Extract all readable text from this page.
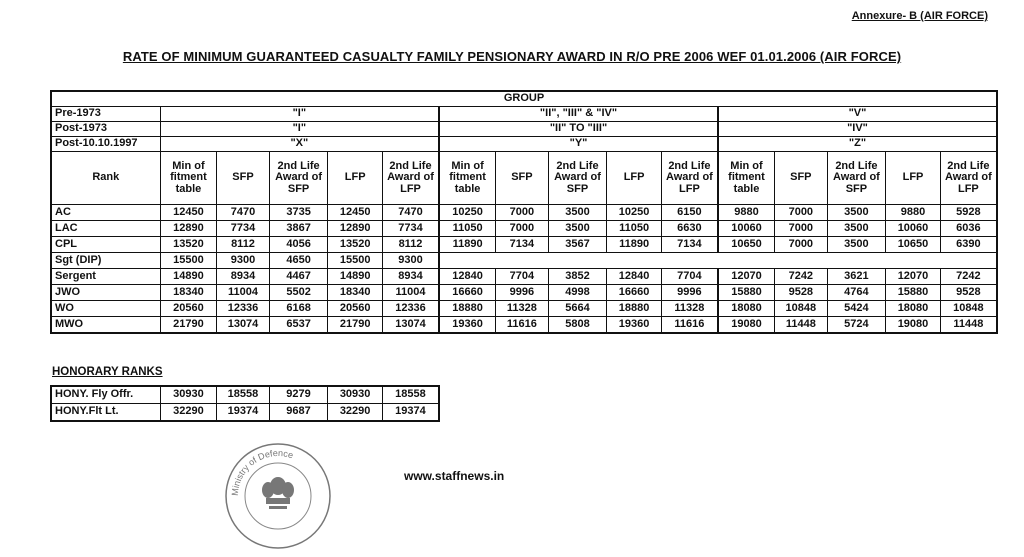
Annexure- B (AIR FORCE)
RATE OF MINIMUM GUARANTEED CASUALTY FAMILY PENSIONARY AWARD IN R/O PRE 2006 WEF 01.01.2006 (AIR FORCE)
GROUP															
Pre-1973	"I"					"II", "III" & "IV"					"V"				
Post-1973	"I"					"II" TO "III"					"IV"				
Post-10.10.1997	"X"					"Y"					"Z"				
Rank	Min of fitment table	SFP	2nd Life Award of SFP	LFP	2nd Life Award of LFP	Min of fitment table	SFP	2nd Life Award of SFP	LFP	2nd Life Award of LFP	Min of fitment table	SFP	2nd Life Award of SFP	LFP	2nd Life Award of LFP
AC	12450	7470	3735	12450	7470	10250	7000	3500	10250	6150	9880	7000	3500	9880	5928
LAC	12890	7734	3867	12890	7734	11050	7000	3500	11050	6630	10060	7000	3500	10060	6036
CPL	13520	8112	4056	13520	8112	11890	7134	3567	11890	7134	10650	7000	3500	10650	6390
Sgt (DIP)	15500	9300	4650	15500	9300										
Sergent	14890	8934	4467	14890	8934	12840	7704	3852	12840	7704	12070	7242	3621	12070	7242
JWO	18340	11004	5502	18340	11004	16660	9996	4998	16660	9996	15880	9528	4764	15880	9528
WO	20560	12336	6168	20560	12336	18880	11328	5664	18880	11328	18080	10848	5424	18080	10848
MWO	21790	13074	6537	21790	13074	19360	11616	5808	19360	11616	19080	11448	5724	19080	11448
HONORARY RANKS
HONY. Fly Offr.	30930	18558	9279	30930	18558
HONY.Flt Lt.	32290	19374	9687	32290	19374
Ministry of Defence
www.staffnews.in
